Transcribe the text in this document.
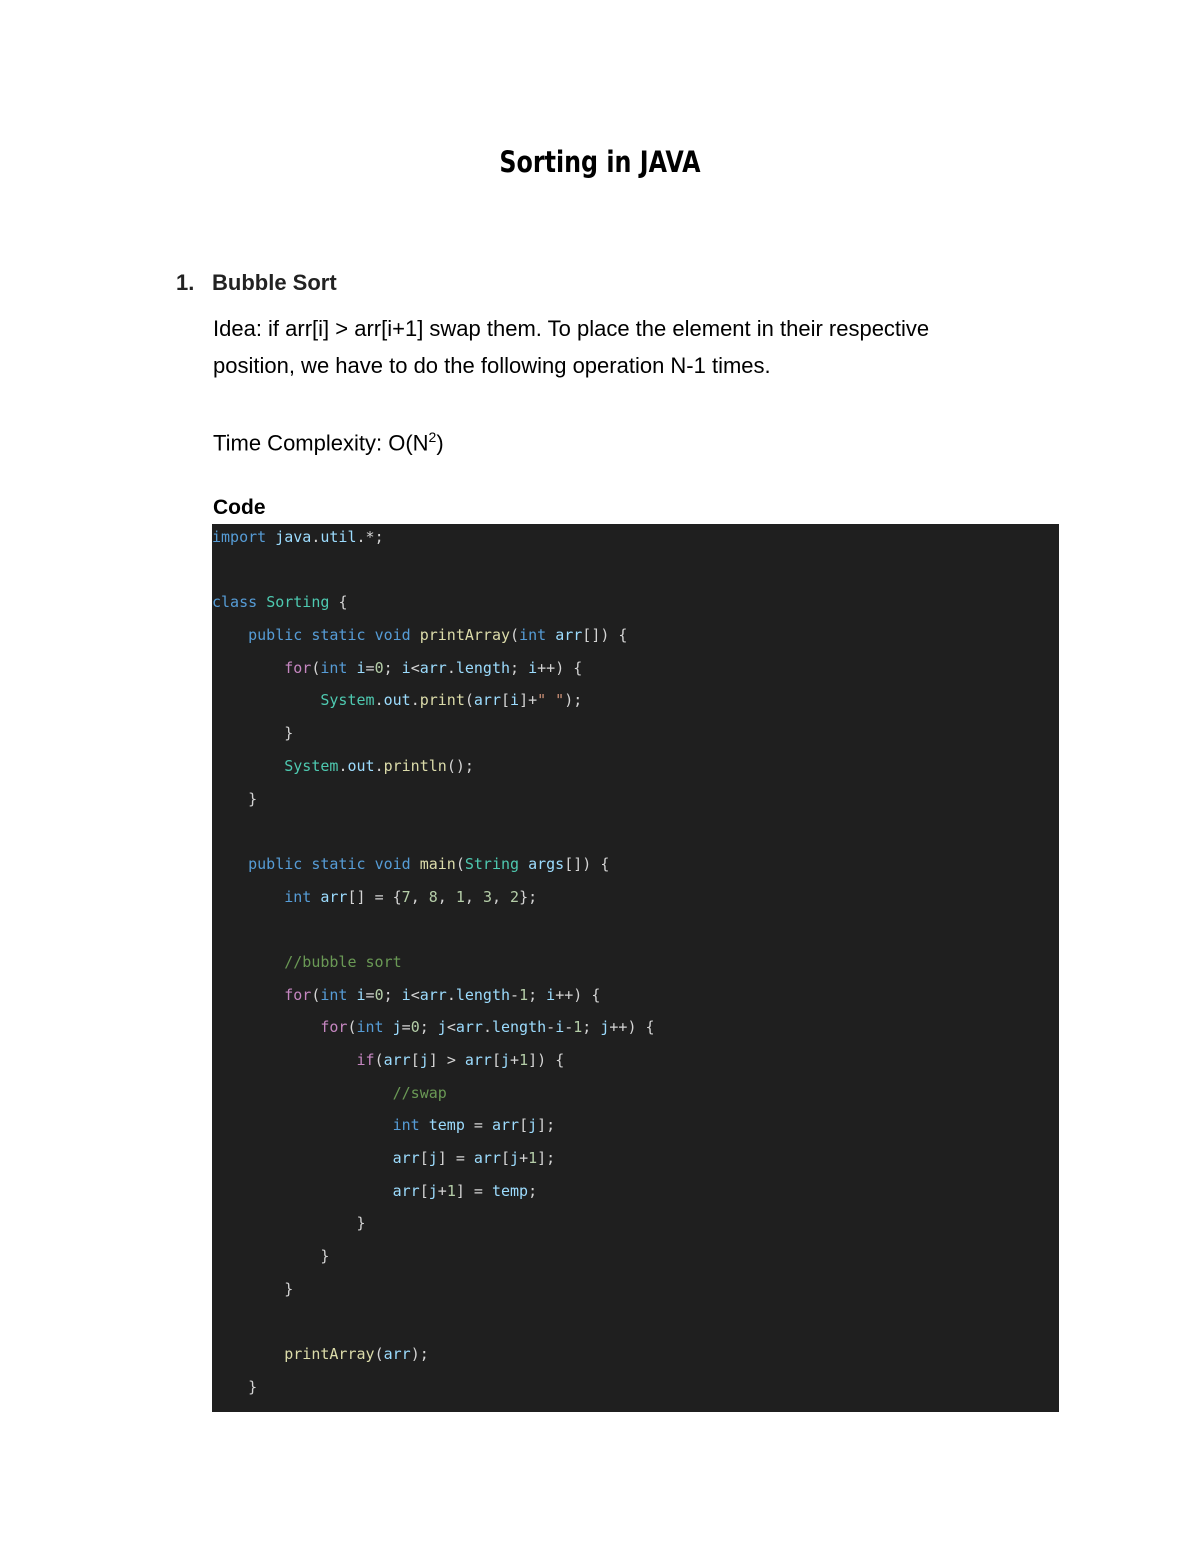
Sorting in JAVA
1. Bubble Sort
Idea: if arr[i] > arr[i+1] swap them. To place the element in their respective position, we have to do the following operation N-1 times.
Time Complexity: $O(N^2)$
Code
import java.util.*;
class Sorting {
public static void printArray(int arr[]) {
for(int i=0; i<arr.length; i++) {
System.out.print(arr[i]+" ");
}
System.out.println();
}
public static void main(String args[]) {
int arr[] = {7, 8, 1, 3, 2};
//bubble sort
for(int i=0; i<arr.length-1; i++) {
for(int j=0; j<arr.length-i-1; j++) {
if(arr[j] > arr[j+1]) {
//swap
int temp = arr[j];
arr[j] = arr[j+1];
arr[j+1] = temp;
}
}
}
printArray(arr);
}
